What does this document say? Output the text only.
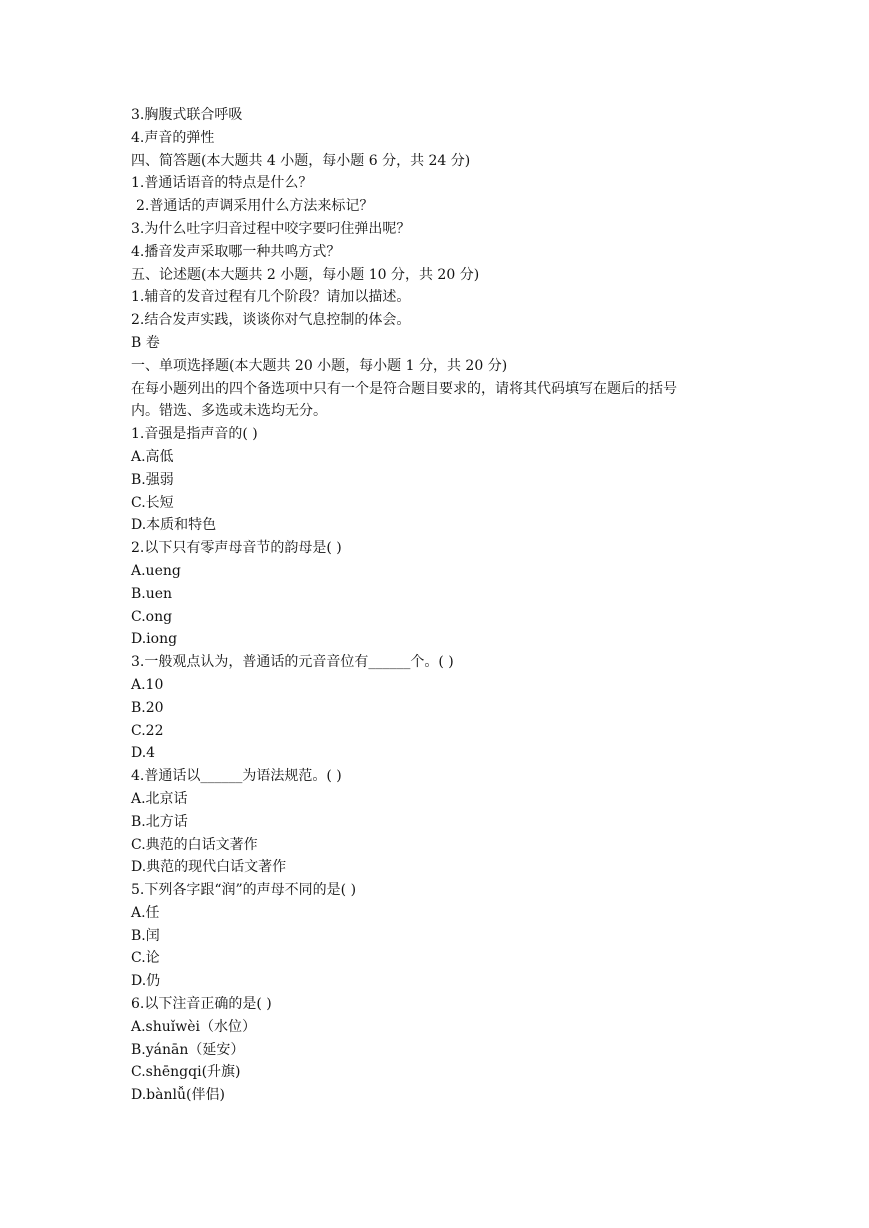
3.胸腹式联合呼吸
4.声音的弹性
四、简答题(本大题共 4 小题，每小题 6 分，共 24 分)
1.普通话语音的特点是什么？
2.普通话的声调采用什么方法来标记？
3.为什么吐字归音过程中咬字要叼住弹出呢？
4.播音发声采取哪一种共鸣方式？
五、论述题(本大题共 2 小题，每小题 10 分，共 20 分)
1.辅音的发音过程有几个阶段？请加以描述。
2.结合发声实践，谈谈你对气息控制的体会。
B 卷
一、单项选择题(本大题共 20 小题，每小题 1 分，共 20 分)
在每小题列出的四个备选项中只有一个是符合题目要求的，请将其代码填写在题后的括号
内。错选、多选或未选均无分。
1.音强是指声音的( )
A.高低
B.强弱
C.长短
D.本质和特色
2.以下只有零声母音节的韵母是( )
A.ueng
B.uen
C.ong
D.iong
3.一般观点认为，普通话的元音音位有______个。( )
A.10
B.20
C.22
D.4
4.普通话以______为语法规范。( )
A.北京话
B.北方话
C.典范的白话文著作
D.典范的现代白话文著作
5.下列各字跟“润”的声母不同的是( )
A.任
B.闰
C.论
D.仍
6.以下注音正确的是( )
A.shuǐwèi（水位）
B.yánān（延安）
C.shēngqi(升旗)
D.bànlǚ(伴侣)
